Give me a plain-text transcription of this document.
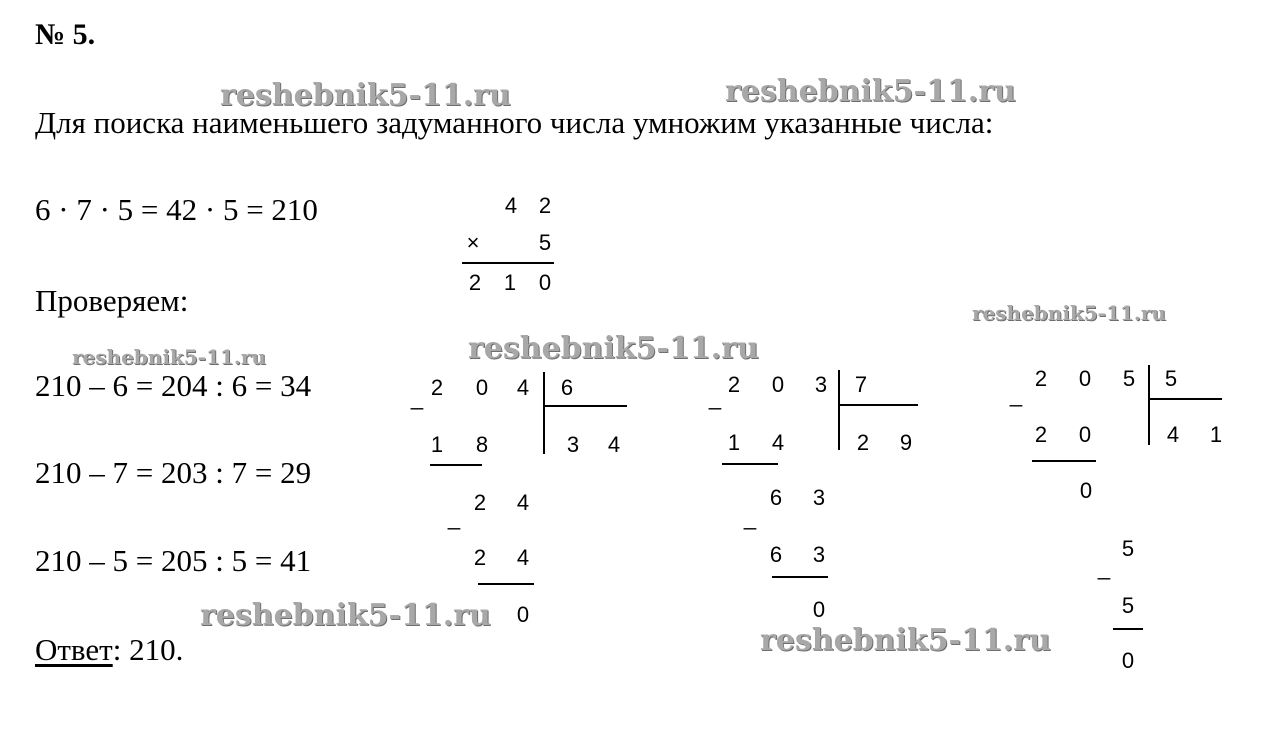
№ 5.
Для поиска наименьшего задуманного числа умножим указанные числа:
6 · 7 · 5 = 42 · 5 = 210
Проверяем:
210 – 6 = 204 : 6 = 34
210 – 7 = 203 : 7 = 29
210 – 5 = 205 : 5 = 41
Ответ: 210.
4 2
×	5
2 1 0
_ 2 0 4 6
1 8	3 4
_
2 4
2 4
0
_
2 0 3 7
1 4	2 9
_
6 3
6 3
0
_
2 0 5 5
2 0	4 1
0
_
5
5
0
reshebnik5-11.ru	reshebnik5-11.ru
reshebnik5-11.ru
reshebnik5-11.ru
reshebnik5-11.ru
reshebnik5-11.ru
reshebnik5-11.ru
